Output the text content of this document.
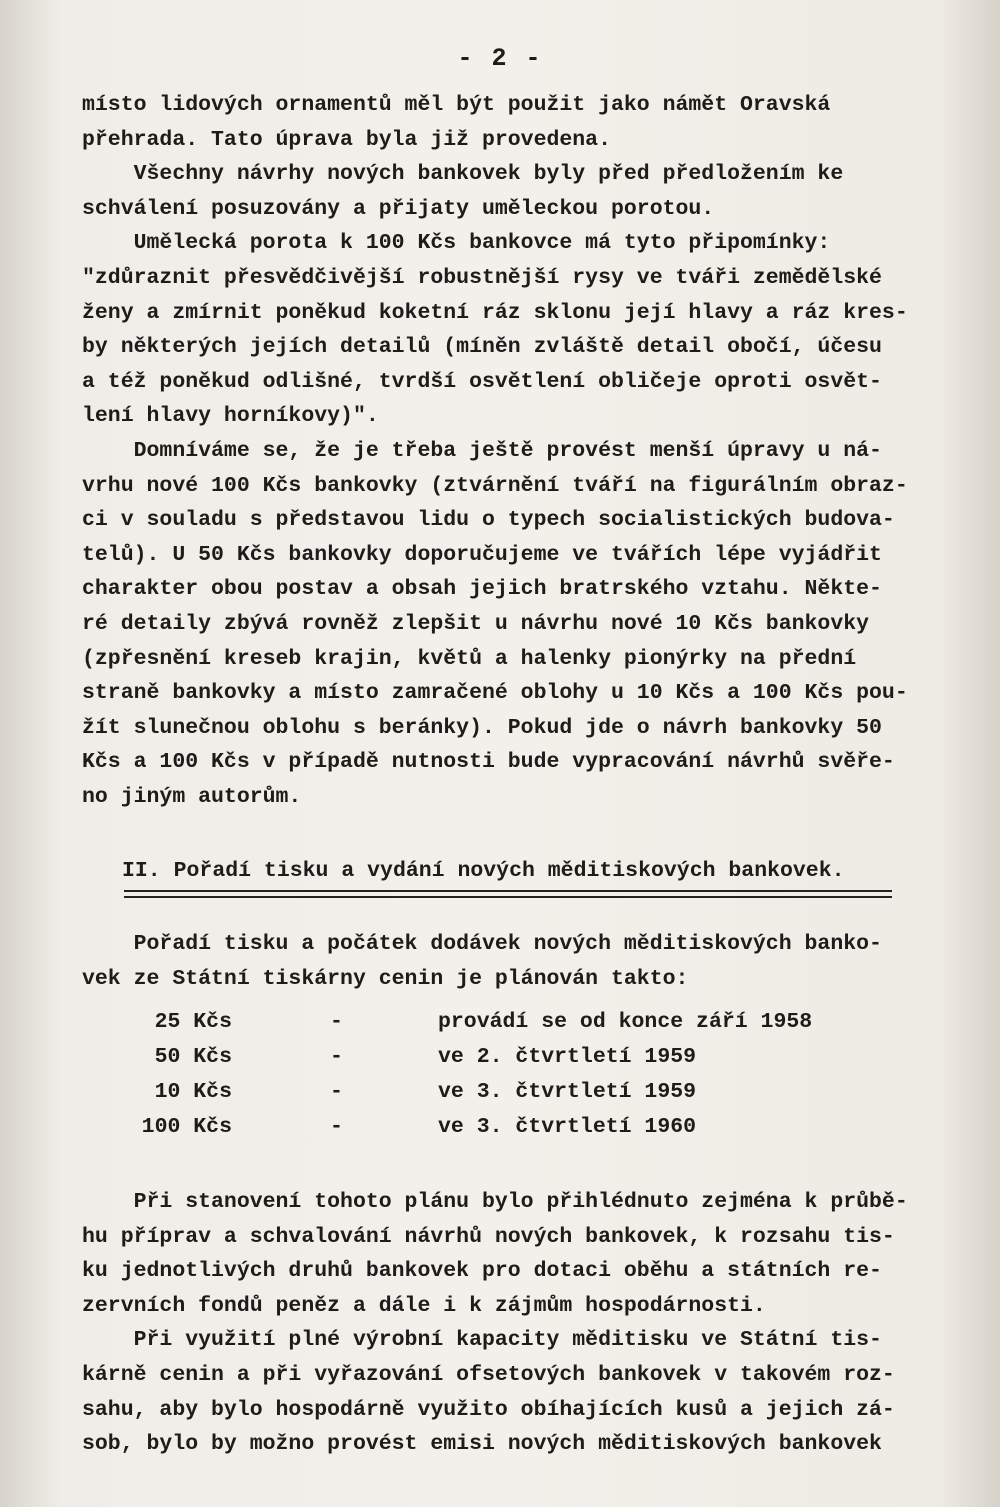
- 2 -
místo lidových ornamentů měl být použit jako námět Oravská
přehrada. Tato úprava byla již provedena.
Všechny návrhy nových bankovek byly před předložením ke
schválení posuzovány a přijaty uměleckou porotou.
Umělecká porota k 100 Kčs bankovce má tyto připomínky:
"zdůraznit přesvědčivější robustnější rysy ve tváři zemědělské
ženy a zmírnit poněkud koketní ráz sklonu její hlavy a ráz kres-
by některých jejích detailů (míněn zvláště detail obočí, účesu
a též poněkud odlišné, tvrdší osvětlení obličeje oproti osvět-
lení hlavy horníkovy)".
Domníváme se, že je třeba ještě provést menší úpravy u ná-
vrhu nové 100 Kčs bankovky (ztvárnění tváří na figurálním obraz-
ci v souladu s představou lidu o typech socialistických budova-
telů). U 50 Kčs bankovky doporučujeme ve tvářích lépe vyjádřit
charakter obou postav a obsah jejich bratrského vztahu. Někte-
ré detaily zbývá rovněž zlepšit u návrhu nové 10 Kčs bankovky
(zpřesnění kreseb krajin, květů a halenky pionýrky na přední
straně bankovky a místo zamračené oblohy u 10 Kčs a 100 Kčs pou-
žít slunečnou oblohu s beránky). Pokud jde o návrh bankovky 50
Kčs a 100 Kčs v případě nutnosti bude vypracování návrhů svěře-
no jiným autorům.
II. Pořadí tisku a vydání nových měditiskových bankovek.
Pořadí tisku a počátek dodávek nových měditiskových banko-
vek ze Státní tiskárny cenin je plánován takto:
25 Kčs	-	provádí se od konce září 1958
50 Kčs	-	ve 2. čtvrtletí 1959
10 Kčs	-	ve 3. čtvrtletí 1959
100 Kčs	-	ve 3. čtvrtletí 1960
Při stanovení tohoto plánu bylo přihlédnuto zejména k průbě-
hu příprav a schvalování návrhů nových bankovek, k rozsahu tis-
ku jednotlivých druhů bankovek pro dotaci oběhu a státních re-
zervních fondů peněz a dále i k zájmům hospodárnosti.
Při využití plné výrobní kapacity měditisku ve Státní tis-
kárně cenin a při vyřazování ofsetových bankovek v takovém roz-
sahu, aby bylo hospodárně využito obíhajících kusů a jejich zá-
sob, bylo by možno provést emisi nových měditiskových bankovek
